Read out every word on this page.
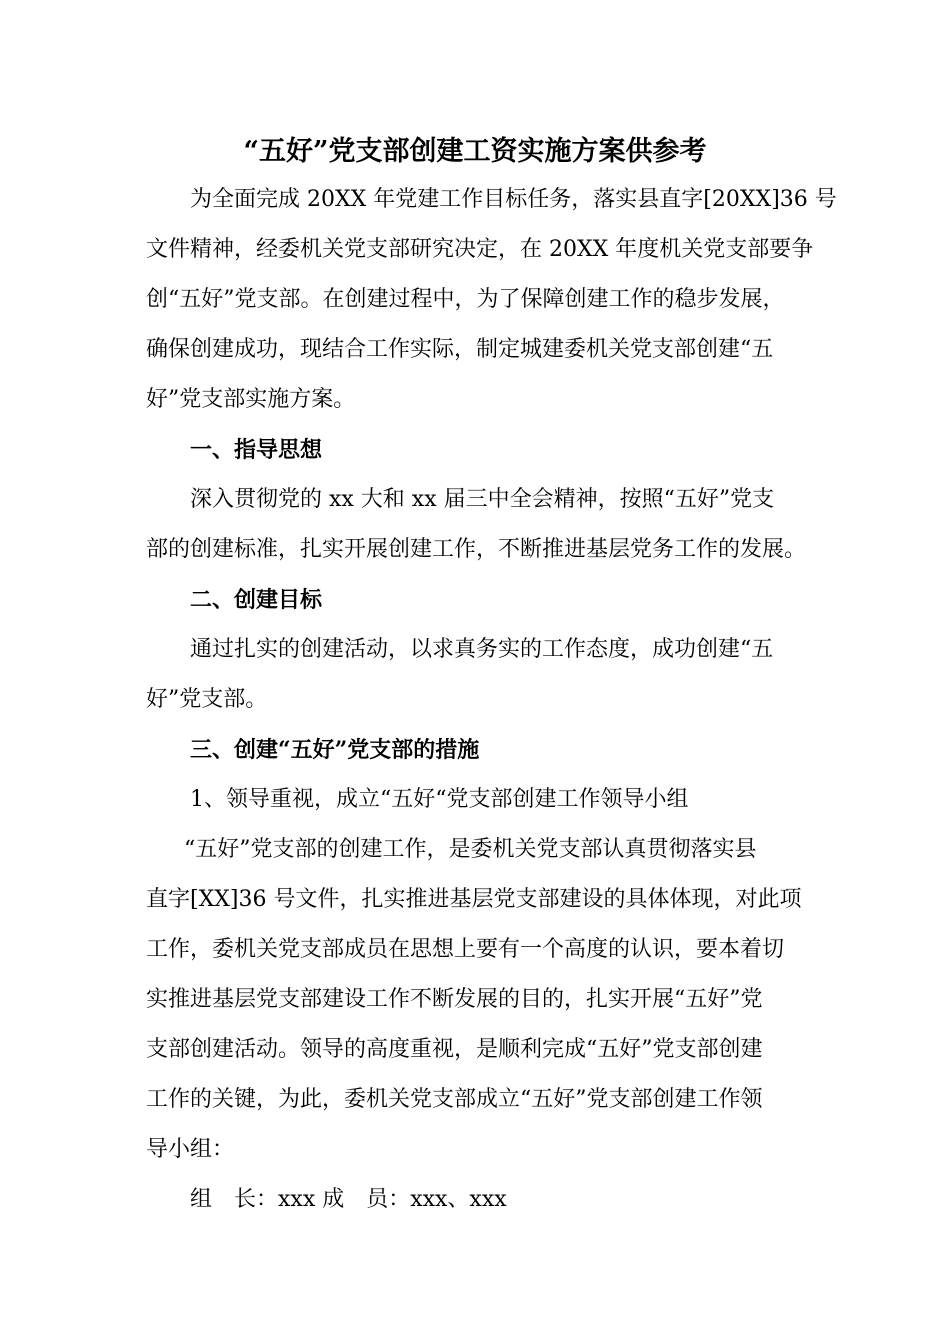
“五好”党支部创建工资实施方案供参考
为全面完成 20XX 年党建工作目标任务，落实县直字[20XX]36 号
文件精神，经委机关党支部研究决定，在 20XX 年度机关党支部要争
创“五好”党支部。在创建过程中，为了保障创建工作的稳步发展，
确保创建成功，现结合工作实际，制定城建委机关党支部创建“五
好”党支部实施方案。
一、指导思想
深入贯彻党的 xx 大和 xx 届三中全会精神，按照“五好”党支
部的创建标准，扎实开展创建工作，不断推进基层党务工作的发展。
二、创建目标
通过扎实的创建活动，以求真务实的工作态度，成功创建“五
好”党支部。
三、创建“五好”党支部的措施
1、领导重视，成立“五好“党支部创建工作领导小组
“五好”党支部的创建工作，是委机关党支部认真贯彻落实县
直字[XX]36 号文件，扎实推进基层党支部建设的具体体现，对此项
工作，委机关党支部成员在思想上要有一个高度的认识，要本着切
实推进基层党支部建设工作不断发展的目的，扎实开展“五好”党
支部创建活动。领导的高度重视，是顺利完成“五好”党支部创建
工作的关键，为此，委机关党支部成立“五好”党支部创建工作领
导小组：
组　长：xxx 成　员：xxx、xxx
